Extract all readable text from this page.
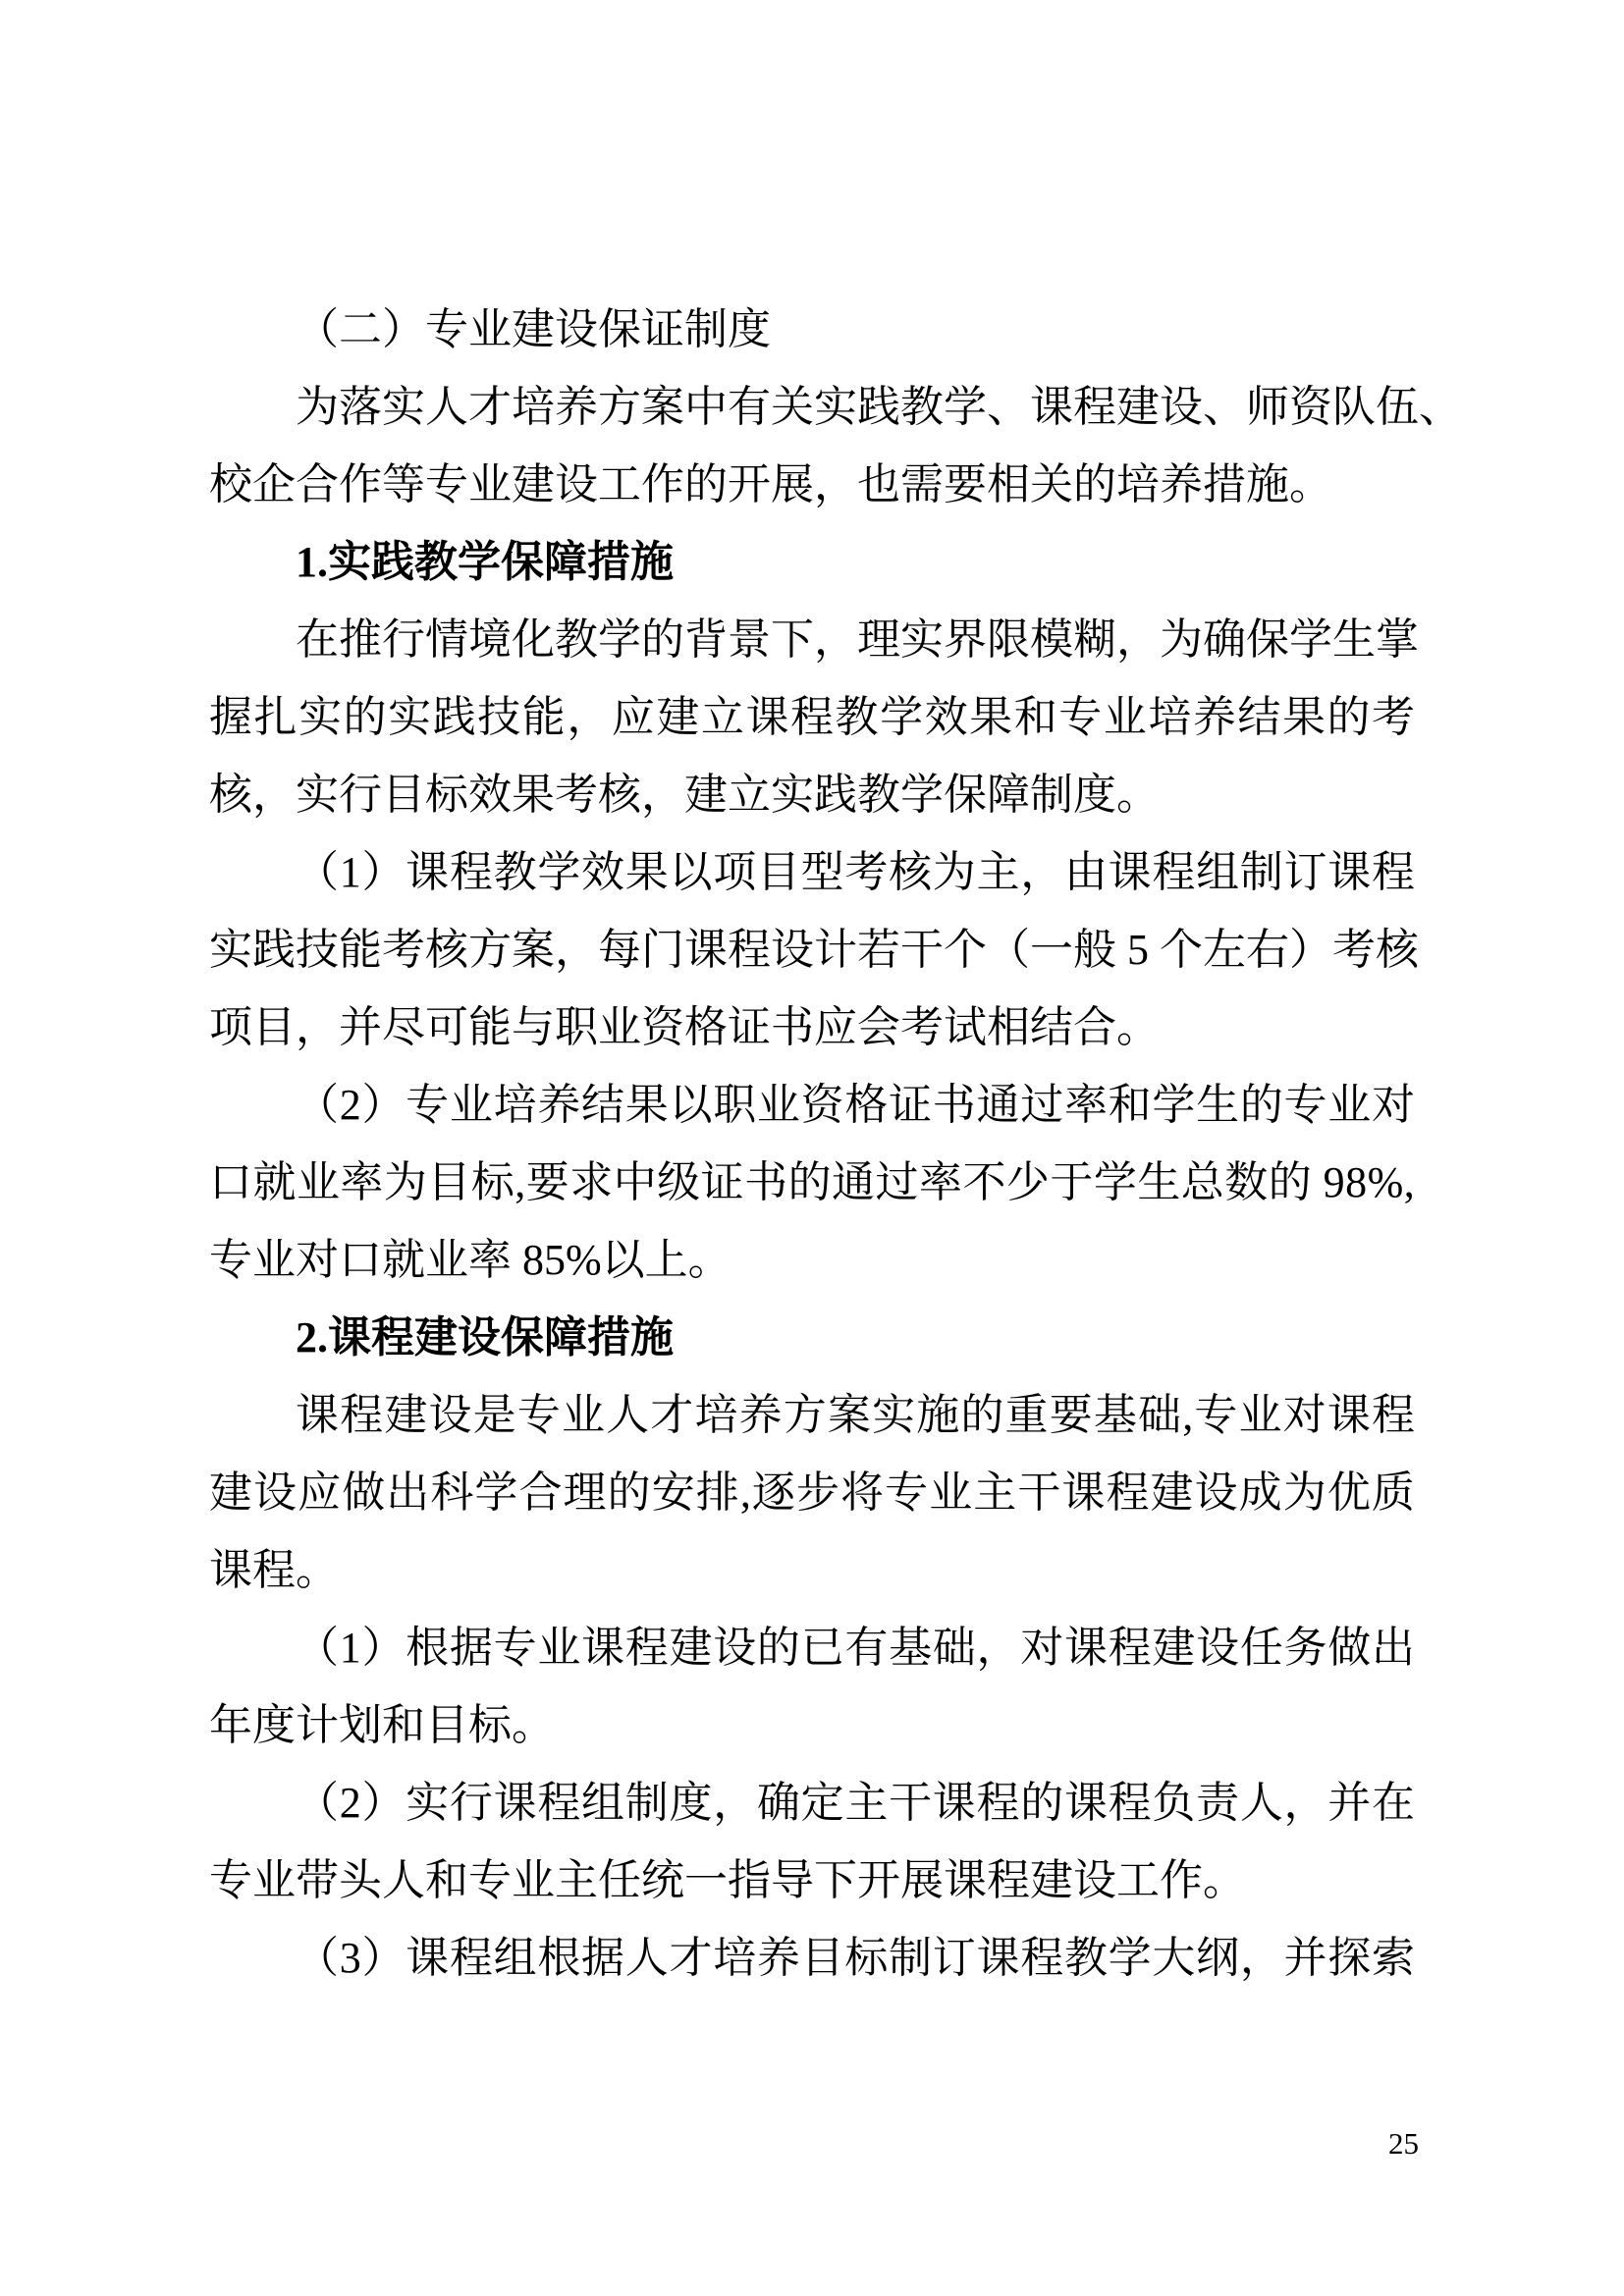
（二）专业建设保证制度
为落实人才培养方案中有关实践教学、课程建设、师资队伍、
校企合作等专业建设工作的开展，也需要相关的培养措施。
1.实践教学保障措施
在推行情境化教学的背景下，理实界限模糊，为确保学生掌
握扎实的实践技能，应建立课程教学效果和专业培养结果的考
核，实行目标效果考核，建立实践教学保障制度。
（1）课程教学效果以项目型考核为主，由课程组制订课程
实践技能考核方案，每门课程设计若干个（一般 5 个左右）考核
项目，并尽可能与职业资格证书应会考试相结合。
（2）专业培养结果以职业资格证书通过率和学生的专业对
口就业率为目标,要求中级证书的通过率不少于学生总数的 98%,
专业对口就业率 85%以上。
2.课程建设保障措施
课程建设是专业人才培养方案实施的重要基础,专业对课程
建设应做出科学合理的安排,逐步将专业主干课程建设成为优质
课程。
（1）根据专业课程建设的已有基础，对课程建设任务做出
年度计划和目标。
（2）实行课程组制度，确定主干课程的课程负责人，并在
专业带头人和专业主任统一指导下开展课程建设工作。
（3）课程组根据人才培养目标制订课程教学大纲，并探索
25
